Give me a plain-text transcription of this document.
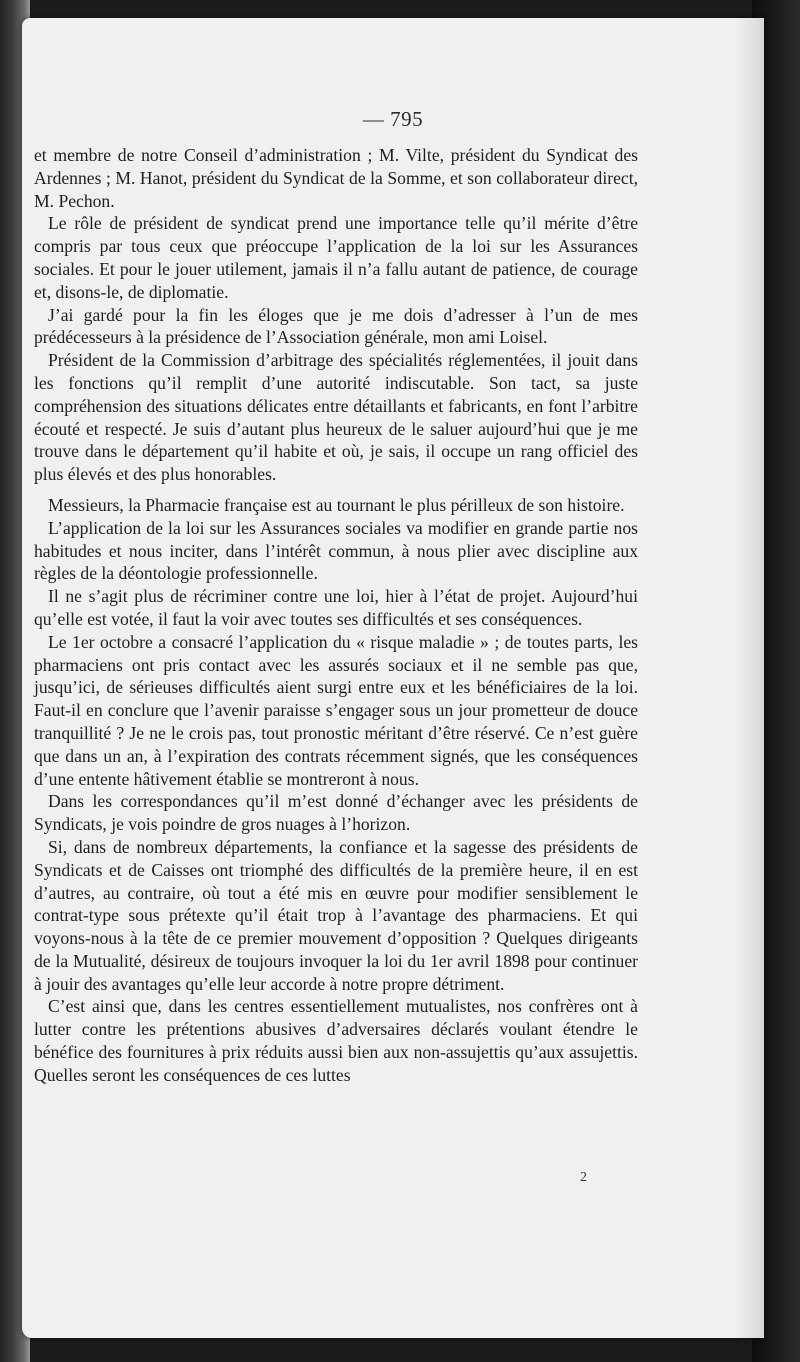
— 795

et membre de notre Conseil d’administration ; M. Vilte, président du Syndicat des Ardennes ; M. Hanot, président du Syndicat de la Somme, et son collaborateur direct, M. Pechon.

Le rôle de président de syndicat prend une importance telle qu’il mérite d’être compris par tous ceux que préoccupe l’application de la loi sur les Assurances sociales. Et pour le jouer utilement, jamais il n’a fallu autant de patience, de courage et, disons-le, de diplomatie.

J’ai gardé pour la fin les éloges que je me dois d’adresser à l’un de mes prédécesseurs à la présidence de l’Association générale, mon ami Loisel.

Président de la Commission d’arbitrage des spécialités réglementées, il jouit dans les fonctions qu’il remplit d’une autorité indiscutable. Son tact, sa juste compréhension des situations délicates entre détaillants et fabricants, en font l’arbitre écouté et respecté. Je suis d’autant plus heureux de le saluer aujourd’hui que je me trouve dans le département qu’il habite et où, je sais, il occupe un rang officiel des plus élevés et des plus honorables.

Messieurs, la Pharmacie française est au tournant le plus périlleux de son histoire.

L’application de la loi sur les Assurances sociales va modifier en grande partie nos habitudes et nous inciter, dans l’intérêt commun, à nous plier avec discipline aux règles de la déontologie professionnelle.

Il ne s’agit plus de récriminer contre une loi, hier à l’état de projet. Aujourd’hui qu’elle est votée, il faut la voir avec toutes ses difficultés et ses conséquences.

Le 1er octobre a consacré l’application du « risque maladie » ; de toutes parts, les pharmaciens ont pris contact avec les assurés sociaux et il ne semble pas que, jusqu’ici, de sérieuses difficultés aient surgi entre eux et les bénéficiaires de la loi. Faut-il en conclure que l’avenir paraisse s’engager sous un jour prometteur de douce tranquillité ? Je ne le crois pas, tout pronostic méritant d’être réservé. Ce n’est guère que dans un an, à l’expiration des contrats récemment signés, que les conséquences d’une entente hâtivement établie se montreront à nous.

Dans les correspondances qu’il m’est donné d’échanger avec les présidents de Syndicats, je vois poindre de gros nuages à l’horizon.

Si, dans de nombreux départements, la confiance et la sagesse des présidents de Syndicats et de Caisses ont triomphé des difficultés de la première heure, il en est d’autres, au contraire, où tout a été mis en œuvre pour modifier sensiblement le contrat-type sous prétexte qu’il était trop à l’avantage des pharmaciens. Et qui voyons-nous à la tête de ce premier mouvement d’opposition ? Quelques dirigeants de la Mutualité, désireux de toujours invoquer la loi du 1er avril 1898 pour continuer à jouir des avantages qu’elle leur accorde à notre propre détriment.

C’est ainsi que, dans les centres essentiellement mutualistes, nos confrères ont à lutter contre les prétentions abusives d’adversaires déclarés voulant étendre le bénéfice des fournitures à prix réduits aussi bien aux non-assujettis qu’aux assujettis. Quelles seront les conséquences de ces luttes

2
